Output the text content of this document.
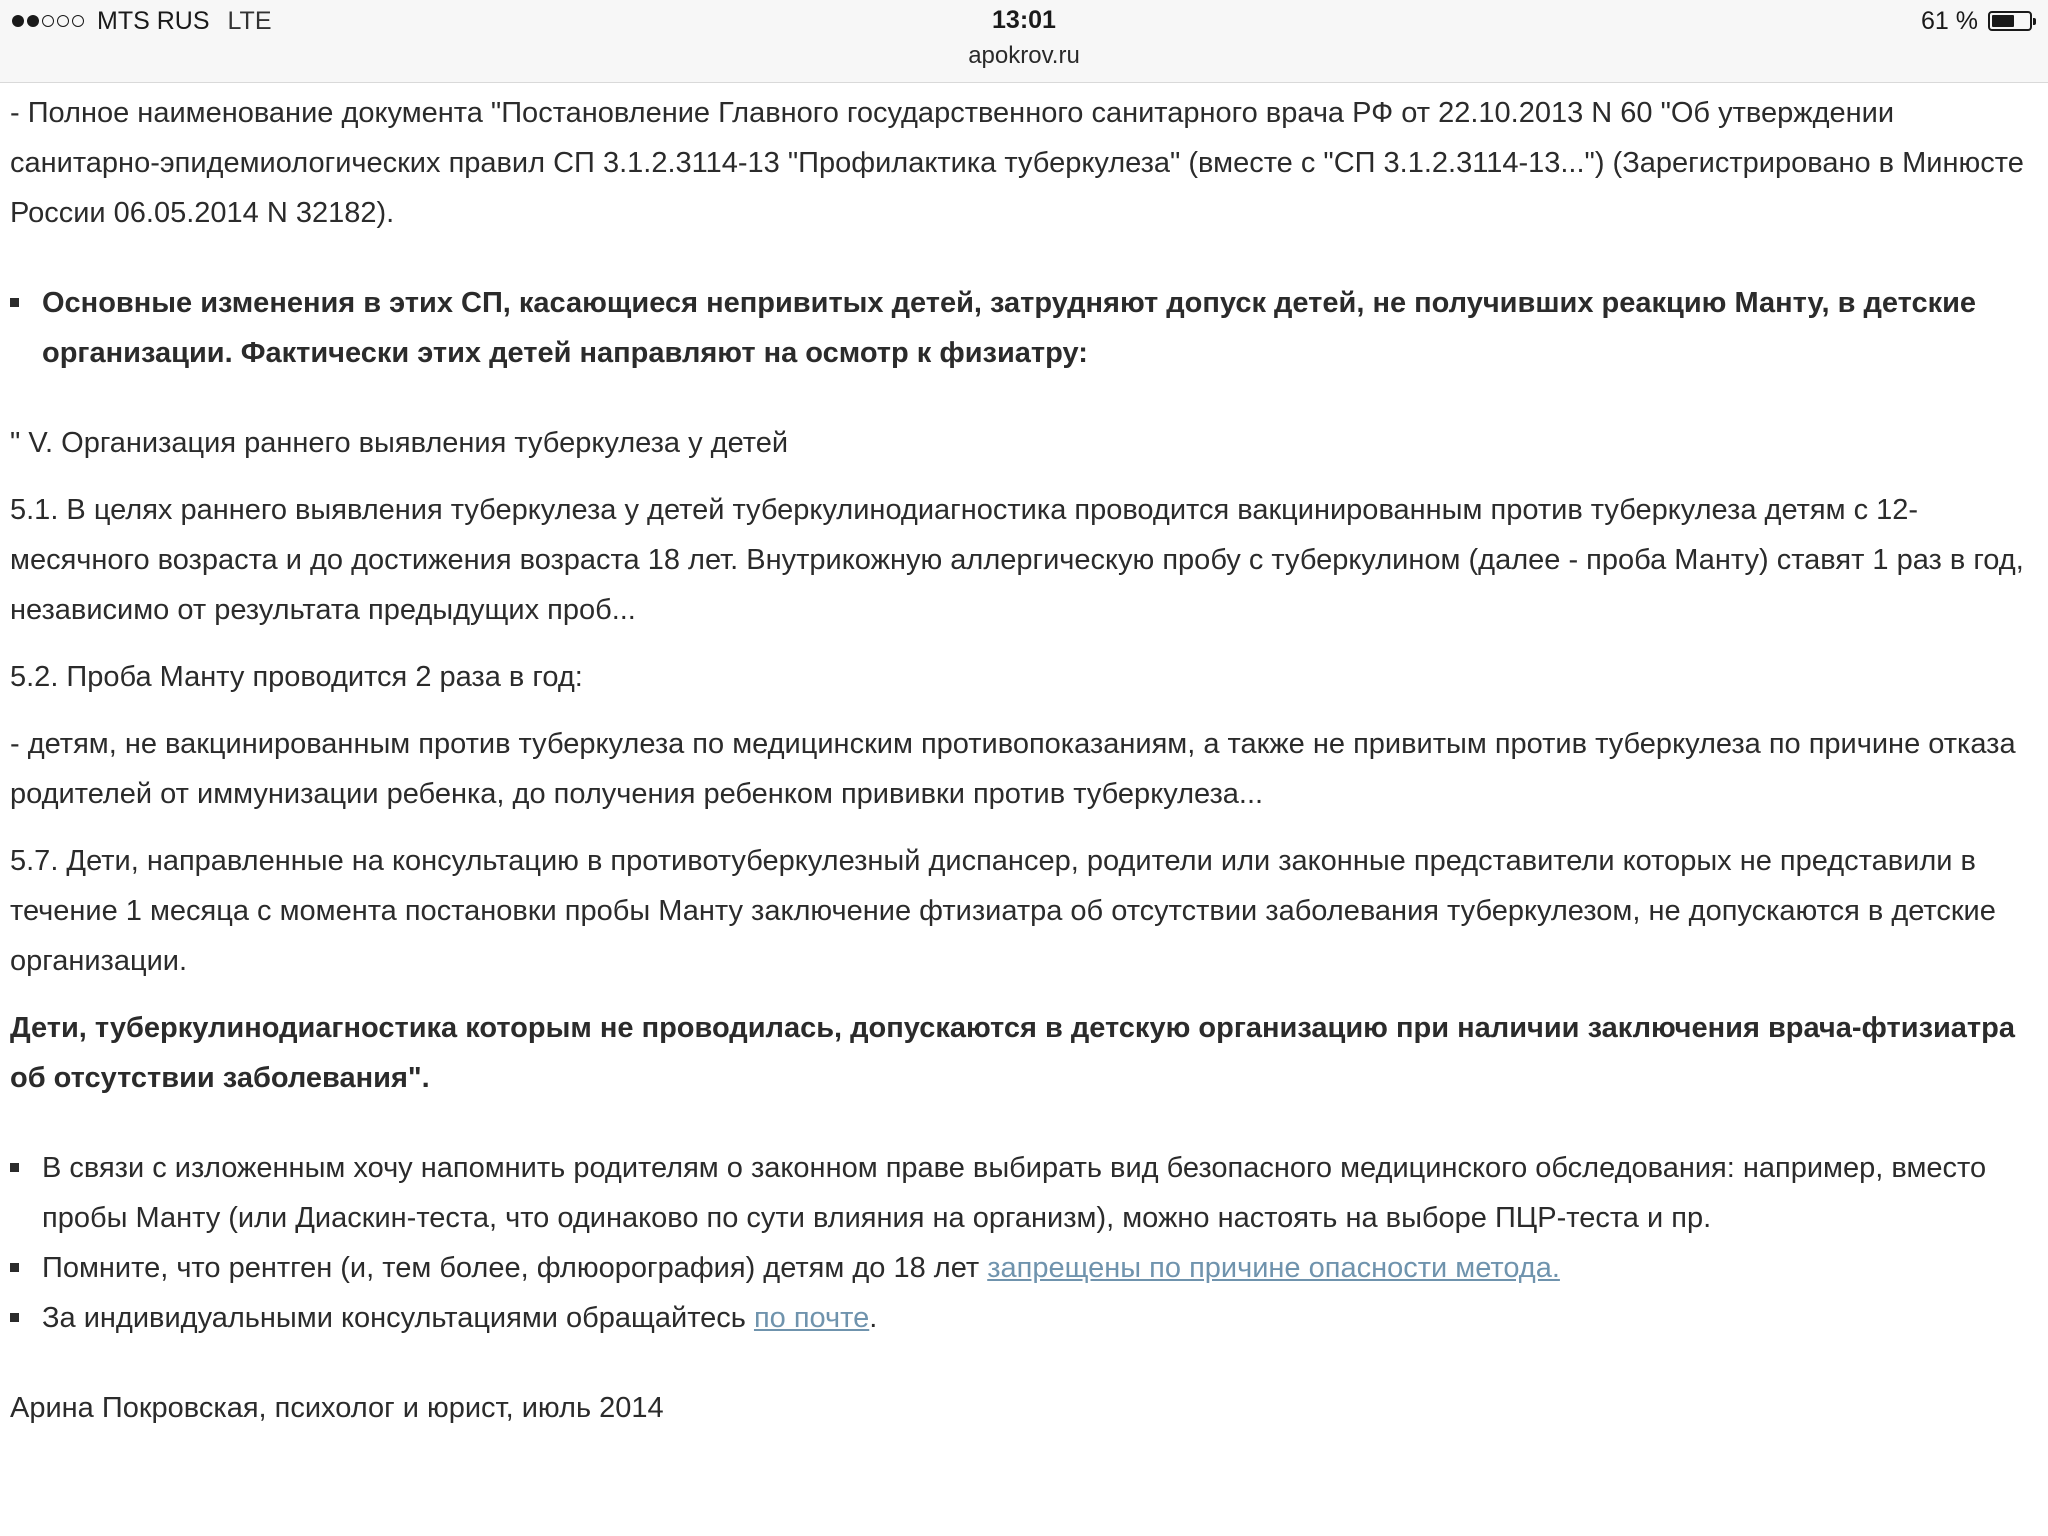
MTS RUS LTE	13:01
apokrov.ru
61 %

- Полное наименование документа "Постановление Главного государственного санитарного врача РФ от 22.10.2013 N 60 "Об утверждении санитарно-эпидемиологических правил СП 3.1.2.3114-13 "Профилактика туберкулеза" (вместе с "СП 3.1.2.3114-13...") (Зарегистрировано в Минюсте России 06.05.2014 N 32182).

Основные изменения в этих СП, касающиеся непривитых детей, затрудняют допуск детей, не получивших реакцию Манту, в детские организации. Фактически этих детей направляют на осмотр к физиатру:

" V. Организация раннего выявления туберкулеза у детей

5.1. В целях раннего выявления туберкулеза у детей туберкулинодиагностика проводится вакцинированным против туберкулеза детям с 12-месячного возраста и до достижения возраста 18 лет. Внутрикожную аллергическую пробу с туберкулином (далее - проба Манту) ставят 1 раз в год, независимо от результата предыдущих проб...

5.2. Проба Манту проводится 2 раза в год:

- детям, не вакцинированным против туберкулеза по медицинским противопоказаниям, а также не привитым против туберкулеза по причине отказа родителей от иммунизации ребенка, до получения ребенком прививки против туберкулеза...

5.7. Дети, направленные на консультацию в противотуберкулезный диспансер, родители или законные представители которых не представили в течение 1 месяца с момента постановки пробы Манту заключение фтизиатра об отсутствии заболевания туберкулезом, не допускаются в детские организации.

Дети, туберкулинодиагностика которым не проводилась, допускаются в детскую организацию при наличии заключения врача-фтизиатра об отсутствии заболевания".

В связи с изложенным хочу напомнить родителям о законном праве выбирать вид безопасного медицинского обследования: например, вместо пробы Манту (или Диаскин-теста, что одинаково по сути влияния на организм), можно настоять на выборе ПЦР-теста и пр.
Помните, что рентген (и, тем более, флюорография) детям до 18 лет запрещены по причине опасности метода.
За индивидуальными консультациями обращайтесь по почте.

Арина Покровская, психолог и юрист, июль 2014
